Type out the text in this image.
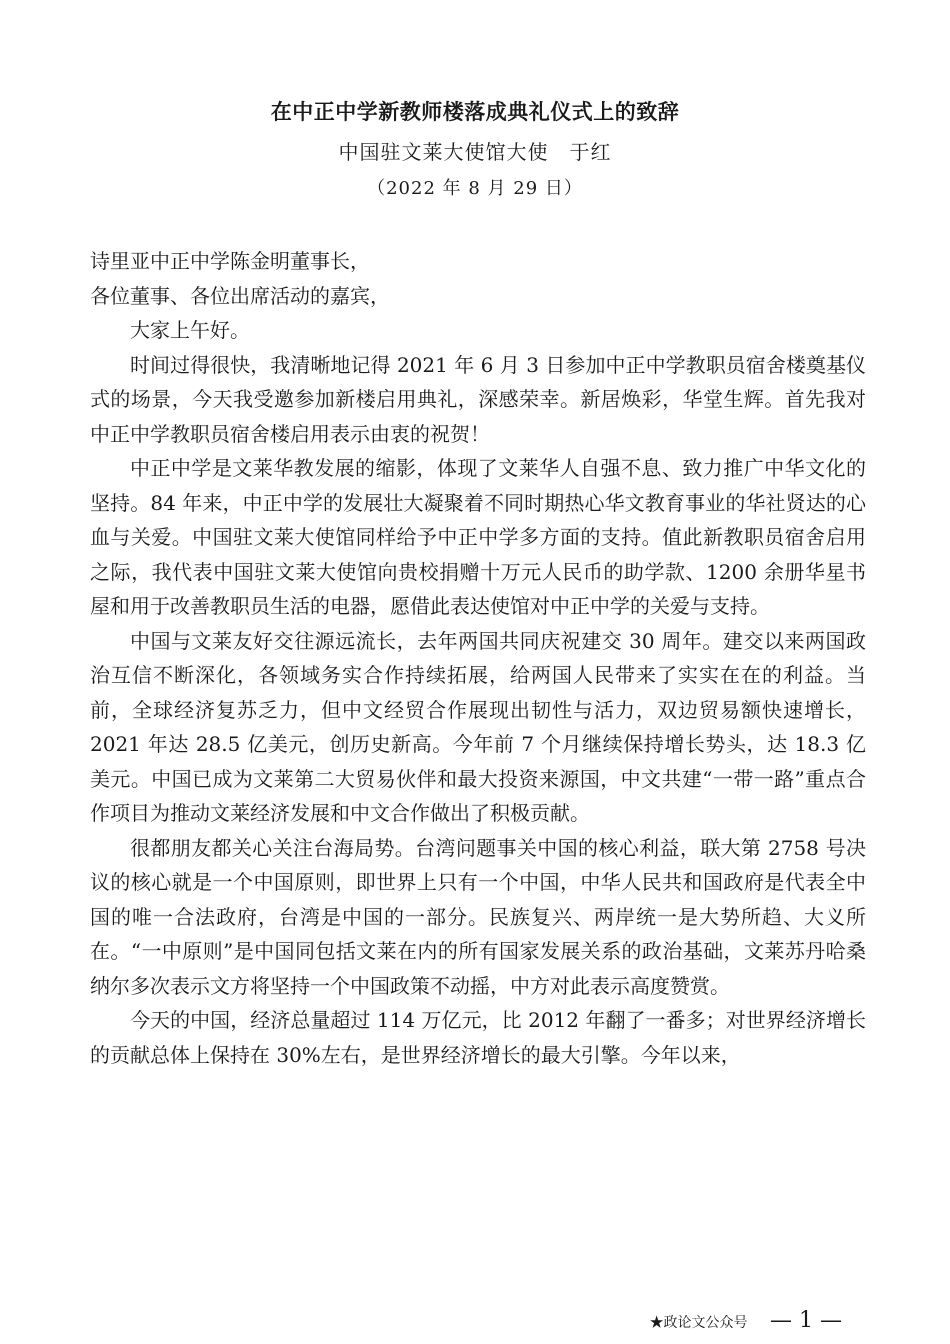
在中正中学新教师楼落成典礼仪式上的致辞
中国驻文莱大使馆大使　于红
（2022 年 8 月 29 日）

诗里亚中正中学陈金明董事长，

各位董事、各位出席活动的嘉宾，

大家上午好。

时间过得很快，我清晰地记得 2021 年 6 月 3 日参加中正中学教职员宿舍楼奠基仪式的场景，今天我受邀参加新楼启用典礼，深感荣幸。新居焕彩，华堂生辉。首先我对中正中学教职员宿舍楼启用表示由衷的祝贺！

中正中学是文莱华教发展的缩影，体现了文莱华人自强不息、致力推广中华文化的坚持。84 年来，中正中学的发展壮大凝聚着不同时期热心华文教育事业的华社贤达的心血与关爱。中国驻文莱大使馆同样给予中正中学多方面的支持。值此新教职员宿舍启用之际，我代表中国驻文莱大使馆向贵校捐赠十万元人民币的助学款、1200 余册华星书屋和用于改善教职员生活的电器，愿借此表达使馆对中正中学的关爱与支持。

中国与文莱友好交往源远流长，去年两国共同庆祝建交 30 周年。建交以来两国政治互信不断深化，各领域务实合作持续拓展，给两国人民带来了实实在在的利益。当前，全球经济复苏乏力，但中文经贸合作展现出韧性与活力，双边贸易额快速增长，2021 年达 28.5 亿美元，创历史新高。今年前 7 个月继续保持增长势头，达 18.3 亿美元。中国已成为文莱第二大贸易伙伴和最大投资来源国，中文共建“一带一路”重点合作项目为推动文莱经济发展和中文合作做出了积极贡献。

很都朋友都关心关注台海局势。台湾问题事关中国的核心利益，联大第 2758 号决议的核心就是一个中国原则，即世界上只有一个中国，中华人民共和国政府是代表全中国的唯一合法政府，台湾是中国的一部分。民族复兴、两岸统一是大势所趋、大义所在。“一中原则”是中国同包括文莱在内的所有国家发展关系的政治基础，文莱苏丹哈桑纳尔多次表示文方将坚持一个中国政策不动摇，中方对此表示高度赞赏。

今天的中国，经济总量超过 114 万亿元，比 2012 年翻了一番多；对世界经济增长的贡献总体上保持在 30%左右，是世界经济增长的最大引擎。今年以来，

★政论文公众号 — 1 —
